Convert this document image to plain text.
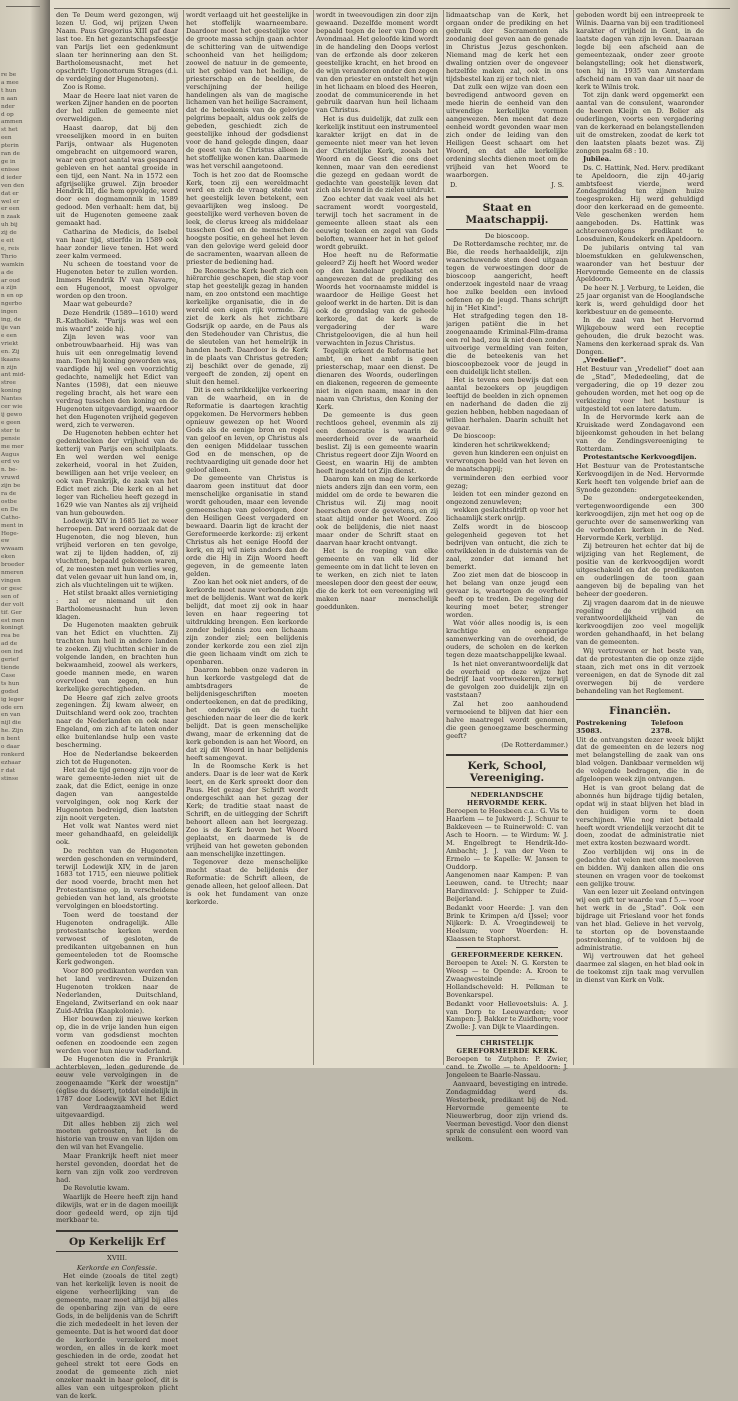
re be
a mee
t hun
n aan
nder
d op
ammen
st het
een
pterin
ran de
ge in
enisse
d ieder
ven den
dat er
wel er
er een
n zaak
uh bij
zij de
e eit
e, reis
Thrio
wamkin
a de
ar oud
a zijn
n en op
ngerbo
ingen
ing, de
ije van
e een
vriekt
en. Zij
ikaans
n zijn
ant mid-
stree
koning
Nantes
cer wie
ij gewo
e geen
ster te
pensie
me mer
Augus
erd vo
n. be-
vruwd
zijn be
ra de
ostbe
en De
Catho-
ment in
Hege-
ew
wwaam
eken
broeder
nmeren
vingen
or gesc
sen of
der volt
tif. Ger
est men
koningt
rea be
ad de
oen ind
gerief
tiende
Case
ts hun
godsd
ig leger
ode ern
en van
nijl die
he. Zijn
n bent
o daar
ronkerd
ezhaar
r dat
stinse

den Te Deum werd gezongen, wij lezen U. God, wij prijzen Uwen Naam. Paus Gregorius XIII gaf daar last toe. En het gezantschapsfeestje van Parijs liet een gedenkmunt slaan ter herinnering aan den St. Bartholomeusnacht, met het opschrift: Ugonottorum Strages (d.i. de verdelging der Hugenoten).

Zoo is Rome.

Maar de Heere laat niet varen de werken Zijner handen en de poorten der hel zullen de gemeente niet overweldigen.

Haast daarop, dat bij den vreeselijken moord in en buiten Parijs, ontwaar als Hugenoten omgebracht en uitgemoord waren, waar een groot aantal was gespaard gebleven en het aantal groeide in een tijd, een Nant. Na in 1572 een afgrijselijke gruwel. Zijn broeder Hendrik III, die hem opvolgde, werd door een dogmamonnik in 1589 gedood. Men verhaalt: hem dat, bij uit de Hugenoten gemeene zaak gemaakt had.

Catharina de Medicis, de Isebel van haar tijd, stierfde in 1589 ook haar zonder lieve tenen. Het werd zeer kalm vermeed.

Nu scheen de toestand voor de Hugenoten beter te zullen worden. Immers Hendrik IV van Navarre, een Hugenoot, moest opvolger worden op den troon.

Maar wat gebeurde?

Deze Hendrik (1589—1610) werd R.-Katholiek. "Parijs was wel een mis waard" zeide hij.

Zijn leven was voor van onbetrouwbaarheid. Hij was van huis uit een onregelmatig levend man. Toen hij koning geworden was, vaardigde hij wel een voorzichtig gedachte, namelijk het Edict van Nantes (1598), dat een nieuwe regeling bracht, als het ware een verdrag tusschen den koning en de Hugenoten uitgevaardigd, waardoor het den Hugenoten vrijheid gegeven werd, zich te verweren.

De Hugenoten hebben echter het gedenkteeken der vrijheid van de ketterij van Parijs een schuilplaats. En wel werden wel eenige zekerheid, vooral in het Zuiden, bewilligen aan het vrije veeleer, en ook van Frankrijk, de zaak van het Edict met zich. Die kerk en al het leger van Richelieu heeft gezegd in 1629 wie van Nantes als zij vrijheid van hun gebouwden.

Lodewijk XIV in 1685 liet ze weer herroepen. Dat werd oorzaak dat de Hugenoten, die nog bleven, hun vrijheid verloren en ten gevolge, wat zij te lijden hadden, of, zij vluchtten, bepaald gekomen waren, of, ze moesten met hun verlies weg, dat velen gevaar uit hun land om, in, zich als vluchtelingen uit te wijken.

Het stilst braakt alles vernietiging : zal er niemand uit den Bartholomeusnacht hun leven klagen.

De Hugenoten maakten gebruik van het Edict en vluchtten. Zij trachten hun heil in andere landen te zoeken. Zij vluchtten schier in de volgende landen, en brachten hun bekwaamheid, zoowel als werkers, goede mannen mede, en waren overvloed van zegen, en hun kerkelijke gerechtigheden.

De Heere gaf zich zelve groots zegeningen. Zij kwam alweer, en Duitschland werd ook zoo, trachten naar de Nederlanden en ook naar Engeland, om zich af te laten onder elke buitenlandse hulp een vaste bescherming.

Hoe de Nederlandse bekeerden zich tot de Hugenoten.

Het zal de tijd genoeg zijn voor de ware gemeente-leden niet uit de zaak, dat die Edict, eenige in onze dagen van aangestelde vervolgingen, ook nog Kerk der Hugenoten bedreigd, dien laatsten zijn nooit vergeten.

Het volk wat Nantes werd niet meer gehandhaafd, en geleidelijk ook.

De rechten van de Hugenoten werden geschonden en verminderd, terwijl Lodewijk XIV, in de jaren 1683 tot 1715, een nieuwe politiek der nood voerde, bracht men het Protestantisme op, in verscheidene gebieden van het land, als grootste vervolgingen en bloedstorting.

Toen werd de toestand der Hugenoten ondragelijk. Alle protestantsche kerken werden verwoest of gesloten, de predikanten uitgebannen en hun gemeenteleden tot de Roomsche Kerk gedwongen.

Voor 800 predikanten werden van het land verdreven. Duizenden Hugenoten trokken naar de Nederlanden, Duitschland, Engeland, Zwitserland en ook naar Zuid-Afrika (Kaapkolonie).

Hier bouwden zij nieuwe kerken op, die in de vrije landen hun eigen vorm van godsdienst mochten oefenen en zoodoende een zegen werden voor hun nieuw vaderland.

De Hugenoten die in Frankrijk achterbleven, leden gedurende de eeuw vele vervolgingen in de zoogenaamde "Kerk der woestijn" (église du désert), totdat eindelijk in 1787 door Lodewijk XVI het Edict van Verdraagzaamheid werd uitgevaardigd.

Dit alles hebben zij zich wel moeten getroosten, het is de historie van trouw en van lijden om den wil van het Evangelie.

Maar Frankrijk heeft niet meer herstel gevonden, doordat het de kern van zijn volk zoo verdreven had.

De Revolutie kwam.

Waarlijk de Heere heeft zijn hand dikwijls, wat er in de dagen moeilijk door gedeeld werd, op zijn tijd merkbaar te.

Op Kerkelijk Erf
XVIII.
Kerkorde en Confessie.

Het einde (zooals de titel zegt) van het kerkelijk leven is nooit de eigene verheerlijking van de gemeente, maar moet altijd bij alles de openbaring zijn van de eere Gods, in de belijdenis van de Schrift die zich mededeelt in het leven der gemeente. Dat is het woord dat door de kerkorde verzekerd moet worden, en alles in de kerk moet geschieden in de orde, zoodat het geheel strekt tot eere Gods en zoodat de gemeente zich niet onzeker maakt in haar geloof, dit is alles van een uitgesproken plicht van de kerk.

wordt verlaagd uit het geestelijke in het stoffelijk waarneembare. Daardoor moet het geestelijke voor de groote massa schijn gaan achter de schittering van de uitwendige schoonheid van het heiligdom; zoowel de natuur in de gemeente, uit het gebied van het heilige, de priesterschap en de beelden, de verschijning der heilige handelingen als van de magische lichamen van het heilige Sacrament, dat de beteekenis van de gelovige pelgrims bepaalt, aldus ook zelfs de gebeden, geschiedt zich de geestelijke inhoud der godsdienst voor de hand gelegde dingen, daar de geest van de Christus alleen in het stoffelijke wonen kan. Daarmede was het verschil aangetoond.

Toch is het zoo dat de Roomsche Kerk, toen zij een wereldmacht werd en zich de vraag stelde wat het geestelijk leven betekent, een gevaarlijken weg insloeg. De geestelijke werd verheven boven de leek, de clerus kreeg als middelaar tusschen God en de menschen de hoogste positie, en geheel het leven van den gelovige werd geleid door de sacramenten, waarvan alleen de priester de bediening had.

De Roomsche Kerk heeft zich een hiërarchie geschapen, die stap voor stap het geestelijk gezag in handen nam, en zoo ontstond een machtige kerkelijke organisatie, die in de wereld een eigen rijk vormde. Zij ziet de kerk als het zichtbare Godsrijk op aarde, en de Paus als den Stedehouder van Christus, die de sleutelen van het hemelrijk in handen heeft. Daardoor is de Kerk in de plaats van Christus getreden; zij beschikt over de genade, zij vergeeft de zonden, zij opent en sluit den hemel.

Dit is een schrikkelijke verkeering van de waarheid, en in de Reformatie is daartegen krachtig opgekomen. De Hervormers hebben opnieuw gewezen op het Woord Gods als de eenige bron en regel van geloof en leven, op Christus als den eenigen Middelaar tusschen God en de menschen, op de rechtvaardiging uit genade door het geloof alleen.

De gemeente van Christus is daarom geen instituut dat door menschelijke organisatie in stand wordt gehouden, maar een levende gemeenschap van geloovigen, door den Heiligen Geest vergaderd en bewaard. Daarin ligt de kracht der Gereformeerde kerkorde: zij erkent Christus als het eenige Hoofd der kerk, en zij wil niets anders dan de orde die Hij in Zijn Woord heeft gegeven, in de gemeente laten gelden.

Zoo kan het ook niet anders, of de kerkorde moet nauw verbonden zijn met de belijdenis. Want wat de kerk belijdt, dat moet zij ook in haar leven en haar regeering tot uitdrukking brengen. Een kerkorde zonder belijdenis zou een lichaam zijn zonder ziel; een belijdenis zonder kerkorde zou een ziel zijn die geen lichaam vindt om zich te openbaren.

Daarom hebben onze vaderen in hun kerkorde vastgelegd dat de ambtsdragers de belijdenisgeschriften moeten onderteekenen, en dat de prediking, het onderwijs en de tucht geschieden naar de leer die de kerk belijdt. Dat is geen menschelijke dwang, maar de erkenning dat de kerk gebonden is aan het Woord, en dat zij dit Woord in haar belijdenis heeft samengevat.

In de Roomsche Kerk is het anders. Daar is de leer wat de Kerk leert, en de Kerk spreekt door den Paus. Het gezag der Schrift wordt ondergeschikt aan het gezag der Kerk; de traditie staat naast de Schrift, en de uitlegging der Schrift behoort alleen aan het leergezag. Zoo is de Kerk boven het Woord geplaatst, en daarmede is de vrijheid van het geweten gebonden aan menschelijke inzettingen.

Tegenover deze menschelijke macht staat de belijdenis der Reformatie: de Schrift alleen, de genade alleen, het geloof alleen. Dat is ook het fundament van onze kerkorde.

wordt in tweevoudigen zin door zijn gewaand. Dezelfde moment wordt bepaald tegen de leer van Doop en Avondmaal. Het geloofde kind wordt in de handeling den Doops verlost van de erfzonde als door zekeren geestelijke kracht, en het brood en de wijn veranderen onder den zegen van den priester en ontstelt het wijn in het lichaam en bloed des Heeren, zoodat de communicerende in het gebruik daarvan hun heil lichaam van Christus.

Het is dus duidelijk, dat zulk een kerkelijk instituut een instrumenteel karakter krijgt en dat in de gemeente niet meer van het leven der Christelijke Kerk, zooals het Woord en de Geest die ons doet kennen, maar van den eeredienst die gezegd en gedaan wordt de gedachte van geestelijk leven dat zich als levend in de zielen uitdrukt.

Zoo echter dat vaak veel als het sacrament wordt voorgesteld, terwijl toch het sacrament in de gemeente alleen staat als een eeuwig teeken en zegel van Gods beloften, wanneer het in het geloof wordt gebruikt.

Hoe heeft nu de Reformatie geleerd? Zij heeft het Woord weder op den kandelaar geplaatst en aangewezen dat de prediking des Woords het voornaamste middel is waardoor de Heilige Geest het geloof werkt in de harten. Dit is dan ook de grondslag van de geheele kerkorde, dat de kerk is de vergadering der ware Christgeloovigen, die al hun heil verwachten in Jezus Christus.

Tegelijk erkent de Reformatie het ambt, en het ambt is geen priesterschap, maar een dienst. De dienaren des Woords, ouderlingen en diakenen, regeeren de gemeente niet in eigen naam, maar in den naam van Christus, den Koning der Kerk.

De gemeente is dus geen rechtloos geheel, evenmin als zij een democratie is waarin de meerderheid over de waarheid beslist. Zij is een gemeente waarin Christus regeert door Zijn Woord en Geest, en waarin Hij de ambten heeft ingesteld tot Zijn dienst.

Daarom kan en mag de kerkorde niets anders zijn dan een vorm, een middel om de orde te bewaren die Christus wil. Zij mag nooit heerschen over de gewetens, en zij staat altijd onder het Woord. Zoo ook de belijdenis, die niet naast maar onder de Schrift staat en daarvan haar kracht ontvangt.

Het is de roeping van elke gemeente en van elk lid der gemeente om in dat licht te leven en te werken, en zich niet te laten meeslepen door den geest der eeuw, die de kerk tot een vereeniging wil maken naar menschelijk goeddunken.

lidmaatschap van de Kerk, het orgaan onder de prediking en het gebruik der Sacramenten als zoodanig deel geven aan de genade in Christus Jezus geschonken. Niemand mag de kerk het een dwaling ontzien over de ongeveer hetzelfde maken zal, ook in ons tijdsbestel kan zij er toch niet.

Dat zulk een wijze van doen een bevredigend antwoord geven en mede hierin de eenheid van den uitwendige kerkelijke vormen aangewezen. Men meent dat deze eenheid wordt gevonden waar men zich onder de leiding van den Heiligen Geest schaart om het Woord, en dat alle kerkelijke ordening slechts dienen moet om de vrijheid van het Woord te waarborgen.

D.	J. S.
Staat en Maatschappij.
De bioscoop.

De Rotterdamsche rechter, mr. de Bie, die reeds herhaaldelijk, zijn waarschuwende stem deed uitgaan tegen de verwoestingen door de bioscoop aangericht, heeft onderzoek ingesteld naar de vraag hoe zulke beelden een invloed oefenen op de jeugd. Thans schrijft hij in "Het Kind":

Het strafgeding tegen den 18-jarigen patiënt die in het zoogenaamde Kriminal-Film-drama een rol had, zou ik niet doen zonder uitvoerige vermelding van feiten, die de beteekenis van het bioscoopbezoek voor de jeugd in een duidelijk licht stellen.

Het is tevens een bewijs dat een aantal bezoekers op jeugdigen leeftijd de beelden in zich opnemen en naderhand de daden die zij gezien hebben, hebben nagedaan of willen herhalen. Daarin schuilt het gevaar.

De bioscoop:

kinderen het schrikwekkend;

geven hun kinderen een onjuist en verwrongen beeld van het leven en de maatschappij;

verminderen den eerbied voor gezag;

leiden tot een minder gezond en ongezond zenuwleven;

wekken geslachtsdrift op voor het lichaamlijk sterk onrijp.

Zelfs wordt in de bioscoop gelegenheid gegeven tot het bedrijven van ontucht, die zich te ontwikkelen in de duisternis van de zaal, zonder dat iemand het bemerkt.

Zoo ziet men dat de bioscoop in het belang van onze jeugd een gevaar is, waartegen de overheid heeft op te treden. De regeling der keuring moet beter, strenger worden.

Wat vóór alles noodig is, is een krachtige en eenparige samenwerking van de overheid, de ouders, de scholen en de kerken tegen deze maatschappelijke kwaal.

Is het niet onverantwoordelijk dat de overheid op deze wijze het bedrijf laat voortwoekeren, terwijl de gevolgen zoo duidelijk zijn en vaststaan?

Zal het zoo aanhoudend vermoeiend te blijven dat hier een halve maatregel wordt genomen, die geen genoegzame bescherming geeft?

(De Rotterdammer.)
Kerk, School, Vereeniging.
NEDERLANDSCHE HERVORMDE KERK.

Beroepen te Heesbeen c.a.: G. Vis te Haarlem — te Jukwerd: J. Schuur te Bakkeveen — te Ruinerwold: C. van Asch te Hoorn. — te Wirdum: W. J. M. Engelbregt te Hendrik-Ido-Ambacht; J. J. van der Veen te Ermelo — te Kapelle: W. Jansen te Ouddorp.

Aangenomen naar Kampen: P. van Leeuwen, cand. te Utrecht; naar Hardinxveld: J. Schipper te Zuid-Beijerland.

Bedankt voor Heerde: J. van den Brink te Krimpen a/d IJssel; voor Nijkerk: D. A. Vroegindeweij te Heelsum; voor Woerden: H. Klaassen te Staphorst.

GEREFORMEERDE KERKEN.

Beroepen te Axel: N. G. Kersten te Weesp — te Opende: A. Kroon te Zwaagwesteinde — te Hollandscheveld: H. Pelkman te Bovenkarspel.

Bedankt voor Hellevoetsluis: A. J. van Dorp te Leeuwarden; voor Kampen: J. Bakker te Zuidhorn; voor Zwolle: J. van Dijk te Vlaardingen.

CHRISTELIJK GEREFORMEERDE KERK.

Beroepen te Zutphen: P. Zwier, cand. te Zwolle — te Apeldoorn: J. Jongeleen te Baarle-Nassau.

Aanvaard, bevestiging en intrede. Zondagmiddag werd ds. Westerbeek, predikant bij de Ned. Hervormde gemeente te Nieuwerbrug, door zijn vriend ds. Veerman bevestigd. Voor den dienst sprak de consulent een woord van welkom.

geboden wordt bij een intreepreek te Wilnis. Daarna van bij een traditioneel karakter of vrijheid in Gent, in de laatste dagen van zijn leven. Daaraan legde bij een afscheid aan de gemeentezaak, onder zeer groote belangstelling; ook het dienstwerk, toen hij in 1935 van Amsterdam afscheid nam en van daar uit naar de kerk te Wilnis trok.

Tot zijn dank werd opgemerkt een aantal van de consulent, waaronder de heeren Kleijn en D. Bolier als ouderlingen, voorts een vergadering van de kerkeraad en belangstellenden uit de omstreken, zoodat de kerk tot den laatsten plaats bezet was. Zij zongen psalm 68 : 10.

Jubilea.

Ds. C. Hattink, Ned. Herv. predikant te Apeldoorn, die zijn 40-jarig ambtsfeest vierde, werd Zondagmiddag ten zijnen huize toegesproken. Hij werd gehuldigd door den kerkeraad en de gemeente. Vele geschenken werden hem aangeboden. Ds. Hattink was achtereenvolgens predikant te Loosduinen, Koudekerk en Apeldoorn.

De jubilaris ontving tal van bloemstukken en gelukwenschen, waaronder van het bestuur der Hervormde Gemeente en de classis Apeldoorn.

De heer N. J. Verburg, te Leiden, die 25 jaar organist van de Hooglandsche kerk is, werd gehuldigd door het kerkbestuur en de gemeente.

In de zaal van het Hervormd Wijkgebouw werd een receptie gehouden, die druk bezocht was. Namens den kerkeraad sprak ds. Van Dongen.

„Vredelief”.

Het Bestuur van „Vredelief” doet aan de „Stad”, Mededeeling, dat de vergadering, die op 19 dezer zou gehouden worden, met het oog op de verkiezing voor het bestuur is uitgesteld tot een latere datum.

In de Hervormde kerk aan de Kruiskade werd Zondagavond een bijeenkomst gehouden in het belang van de Zendingsvereeniging te Rotterdam.

Protestantsche Kerkvoogdijen.

Het Bestuur van de Protestantsche Kerkvoogdijen in de Ned. Hervormde Kerk heeft ten volgende brief aan de Synode gezonden:

De ondergeteekenden, vertegenwoordigende een 300 kerkvoogdijen, zijn met het oog op de geruchte over de samenwerking van de verbonden kerken in de Ned. Hervormde Kerk, verblijd.

Zij betreuren het echter dat bij de wijziging van het Reglement, de positie van de kerkvoogdijen wordt uitgeschakeld en dat de predikanten en ouderlingen de toon gaan aangeven bij de bepaling van het beheer der goederen.

Zij vragen daarom dat in de nieuwe regeling de vrijheid en verantwoordelijkheid van de kerkvoogdijen zoo veel mogelijk worden gehandhaafd, in het belang van de gemeenten.

Wij vertrouwen er het beste van, dat de protestanten die op onze zijde staan, zich met ons in dit verzoek vereenigen, en dat de Synode dit zal overwegen bij de verdere behandeling van het Reglement.

Financiën.
Postrekening 35083.
Telefoon 2378.

Uit de ontvangsten dezer week blijkt dat de gemeenten en de lezers nog met belangstelling de zaak van ons blad volgen. Dankbaar vermelden wij de volgende bedragen, die in de afgeloopen week zijn ontvangen.

Het is van groot belang dat de abonnés hun bijdrage tijdig betalen, opdat wij in staat blijven het blad in den huidigen vorm te doen verschijnen. Wie nog niet betaald heeft wordt vriendelijk verzocht dit te doen, zoodat de administratie niet met extra kosten bezwaard wordt.

Zoo verblijden wij ons in de gedachte dat velen met ons meeleven en bidden. Wij danken allen die ons steunen en vragen voor de toekomst een gelijke trouw.

Van een lezer uit Zeeland ontvingen wij een gift ter waarde van f 5.— voor het werk in de „Stad”. Ook een bijdrage uit Friesland voor het fonds van het blad. Gelieve in het vervolg, te storten op de bovenstaande postrekening, of te voldoen bij de administratie.

Wij vertrouwen dat het geheel daarmee zal slagen, en het blad ook in de toekomst zijn taak mag vervullen in dienst van Kerk en Volk.
